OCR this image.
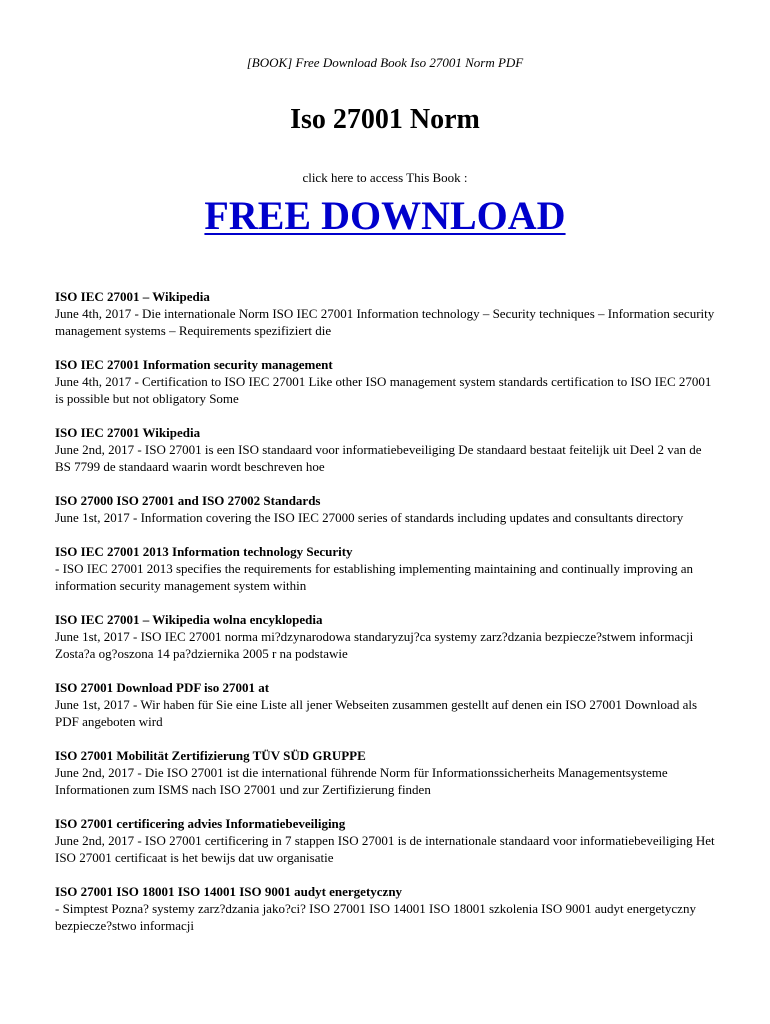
[BOOK] Free Download Book Iso 27001 Norm PDF
Iso 27001 Norm
click here to access This Book :
FREE DOWNLOAD
ISO IEC 27001 – Wikipedia
June 4th, 2017 - Die internationale Norm ISO IEC 27001 Information technology – Security techniques – Information security management systems – Requirements spezifiziert die
ISO IEC 27001 Information security management
June 4th, 2017 - Certification to ISO IEC 27001 Like other ISO management system standards certification to ISO IEC 27001 is possible but not obligatory Some
ISO IEC 27001 Wikipedia
June 2nd, 2017 - ISO 27001 is een ISO standaard voor informatiebeveiliging De standaard bestaat feitelijk uit Deel 2 van de BS 7799 de standaard waarin wordt beschreven hoe
ISO 27000 ISO 27001 and ISO 27002 Standards
June 1st, 2017 - Information covering the ISO IEC 27000 series of standards including updates and consultants directory
ISO IEC 27001 2013 Information technology Security
- ISO IEC 27001 2013 specifies the requirements for establishing implementing maintaining and continually improving an information security management system within
ISO IEC 27001 – Wikipedia wolna encyklopedia
June 1st, 2017 - ISO IEC 27001 norma mi?dzynarodowa standaryzuj?ca systemy zarz?dzania bezpiecze?stwem informacji Zosta?a og?oszona 14 pa?dziernika 2005 r na podstawie
ISO 27001 Download PDF iso 27001 at
June 1st, 2017 - Wir haben für Sie eine Liste all jener Webseiten zusammen gestellt auf denen ein ISO 27001 Download als PDF angeboten wird
ISO 27001 Mobilität Zertifizierung TÜV SÜD GRUPPE
June 2nd, 2017 - Die ISO 27001 ist die international führende Norm für Informationssicherheits Managementsysteme Informationen zum ISMS nach ISO 27001 und zur Zertifizierung finden
ISO 27001 certificering advies Informatiebeveiliging
June 2nd, 2017 - ISO 27001 certificering in 7 stappen ISO 27001 is de internationale standaard voor informatiebeveiliging Het ISO 27001 certificaat is het bewijs dat uw organisatie
ISO 27001 ISO 18001 ISO 14001 ISO 9001 audyt energetyczny
- Simptest Pozna? systemy zarz?dzania jako?ci? ISO 27001 ISO 14001 ISO 18001 szkolenia ISO 9001 audyt energetyczny bezpiecze?stwo informacji
